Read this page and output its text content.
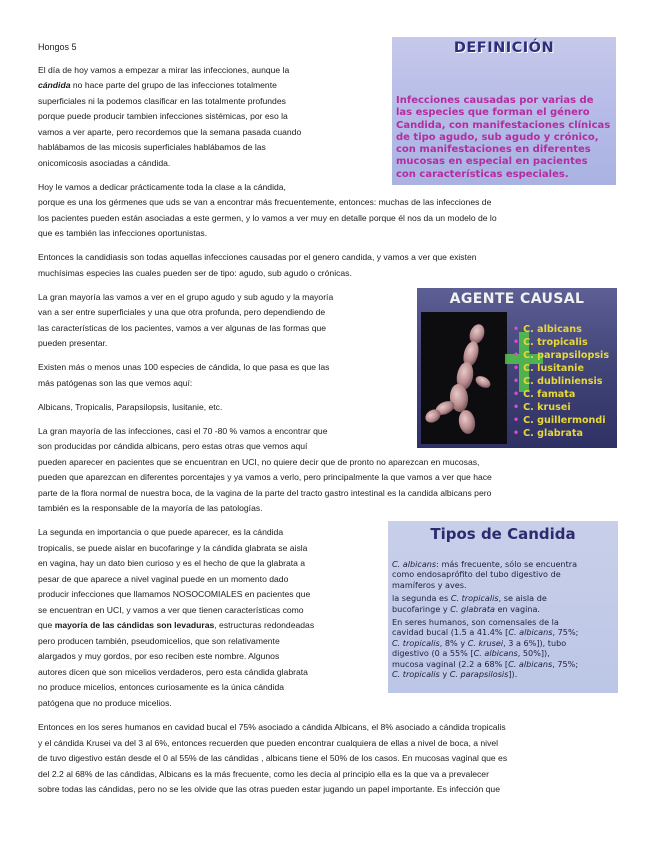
Hongos 5

El día de hoy vamos a empezar a mirar las infecciones, aunque la

cándida no hace parte del grupo de las infecciones totalmente

superficiales ni la podemos clasificar en las totalmente profundes

porque puede producir tambien infecciones sistémicas, por eso la

vamos a ver aparte, pero recordemos que la semana pasada cuando

hablábamos de las micosis superficiales hablábamos de las

onicomicosis asociadas a cándida.

Hoy le vamos a dedicar prácticamente toda la clase a la cándida,

porque es una los gérmenes que uds se van a encontrar más frecuentemente, entonces: muchas de las infecciones de

los pacientes pueden están asociadas a este germen, y lo vamos a ver muy en detalle porque él nos da un modelo de lo

que es también las infecciones oportunistas.

Entonces la candidiasis son todas aquellas infecciones causadas por el genero candida, y vamos a ver que existen

muchísimas especies las cuales pueden ser de tipo: agudo, sub agudo o crónicas.

La gran mayoría las vamos a ver en el grupo agudo y sub agudo y la mayoría

van a ser entre superficiales y una que otra profunda, pero dependiendo de

las características de los pacientes, vamos a ver algunas de las formas que

pueden presentar.

Existen más o menos unas 100 especies de cándida, lo que pasa es que las

más patógenas son las que vemos aquí:

Albicans, Tropicalis, Parapsilopsis, lusitanie, etc.

La gran mayoría de las infecciones, casi el 70 -80 % vamos a encontrar que

son producidas por cándida albicans, pero estas otras que vemos aquí

pueden aparecer en pacientes que se encuentran en UCI, no quiere decir que de pronto no aparezcan en mucosas,

pueden que aparezcan en diferentes porcentajes y ya vamos a verlo, pero principalmente la que vamos a ver que hace

parte de la flora normal de nuestra boca, de la vagina de la parte del tracto gastro intestinal es la candida albicans pero

también es la responsable de la mayoría de las patologías.

La segunda en importancia o que puede aparecer, es la cándida

tropicalis, se puede aislar en bucofaringe y la cándida glabrata se aisla

en vagina, hay un dato bien curioso y es el hecho de que la glabrata a

pesar de que aparece a nivel vaginal puede en un momento dado

producir infecciones que llamamos NOSOCOMIALES en pacientes que

se encuentran en UCI, y vamos a ver que tienen características como

que mayoría de las cándidas son levaduras, estructuras redondeadas

pero producen también, pseudomicelios, que son relativamente

alargados y muy gordos, por eso reciben este nombre. Algunos

autores dicen que son micelios verdaderos, pero esta cándida glabrata

no produce micelios, entonces curiosamente es la única cándida

patógena que no produce micelios.

Entonces en los seres humanos en cavidad bucal el 75% asociado a cándida Albicans, el 8% asociado a cándida tropicalis

y el cándida Krusei va del 3 al 6%, entonces recuerden que pueden encontrar cualquiera de ellas a nivel de boca, a nivel

de tuvo digestivo están desde el 0 al 55% de las cándidas , albicans tiene el 50% de los casos. En mucosas vaginal que es

del 2.2 al 68% de las cándidas, Albicans es la más frecuente, como les decía al principio ella es la que va a prevalecer

sobre todas las cándidas, pero no se les olvide que las otras pueden estar jugando un papel importante. Es infección que

DEFINICIÓN
Infecciones causadas por varias de
las especies que forman el género
Candida, con manifestaciones clínicas
de tipo agudo, sub agudo y crónico,
con manifestaciones en diferentes
mucosas en especial en pacientes
con características especiales.
AGENTE CAUSAL
• C. albicans
• C. tropicalis
• C. parapsilopsis
• C. lusitanie
• C. dubliniensis
• C. famata
• C. krusei
• C. guillermondi
• C. glabrata
Tipos de Candida

C. albicans: más frecuente, sólo se encuentra
como endosaprófito del tubo digestivo de
mamíferos y aves.

la segunda es C. tropicalis, se aisla de
bucofaringe y C. glabrata en vagina.

En seres humanos, son comensales de la
cavidad bucal (1.5 a 41.4% [C. albicans, 75%;
C. tropicalis, 8% y C. krusei, 3 a 6%]), tubo
digestivo (0 a 55% [C. albicans, 50%]),
mucosa vaginal (2.2 a 68% [C. albicans, 75%;
C. tropicalis y C. parapsilosis]).
